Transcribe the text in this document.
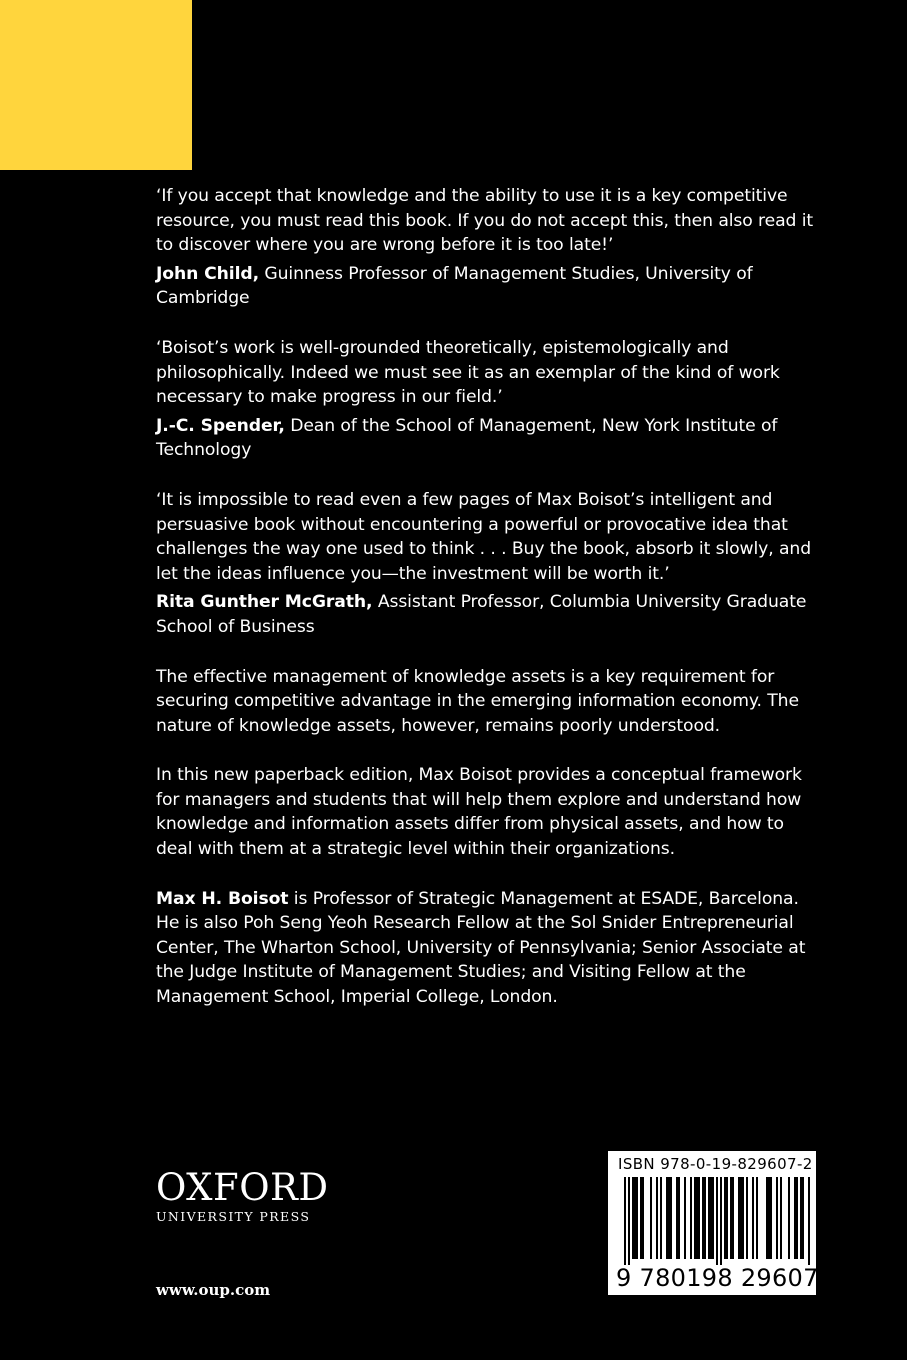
‘If you accept that knowledge and the ability to use it is a key competitive resource, you must read this book. If you do not accept this, then also read it to discover where you are wrong before it is too late!’

John Child, Guinness Professor of Management Studies, University of Cambridge

‘Boisot’s work is well-grounded theoretically, epistemologically and philosophically. Indeed we must see it as an exemplar of the kind of work necessary to make progress in our field.’

J.-C. Spender, Dean of the School of Management, New York Institute of Technology

‘It is impossible to read even a few pages of Max Boisot’s intelligent and persuasive book without encountering a powerful or provocative idea that challenges the way one used to think . . . Buy the book, absorb it slowly, and let the ideas influence you—the investment will be worth it.’

Rita Gunther McGrath, Assistant Professor, Columbia University Graduate School of Business

The effective management of knowledge assets is a key requirement for securing competitive advantage in the emerging information economy. The nature of knowledge assets, however, remains poorly understood.

In this new paperback edition, Max Boisot provides a conceptual framework for managers and students that will help them explore and understand how knowledge and information assets differ from physical assets, and how to deal with them at a strategic level within their organizations.

Max H. Boisot is Professor of Strategic Management at ESADE, Barcelona. He is also Poh Seng Yeoh Research Fellow at the Sol Snider Entrepreneurial Center, The Wharton School, University of Pennsylvania; Senior Associate at the Judge Institute of Management Studies; and Visiting Fellow at the Management School, Imperial College, London.

OXFORD
UNIVERSITY PRESS
www.oup.com
ISBN 978-0-19-829607-2
9 780198 296072
